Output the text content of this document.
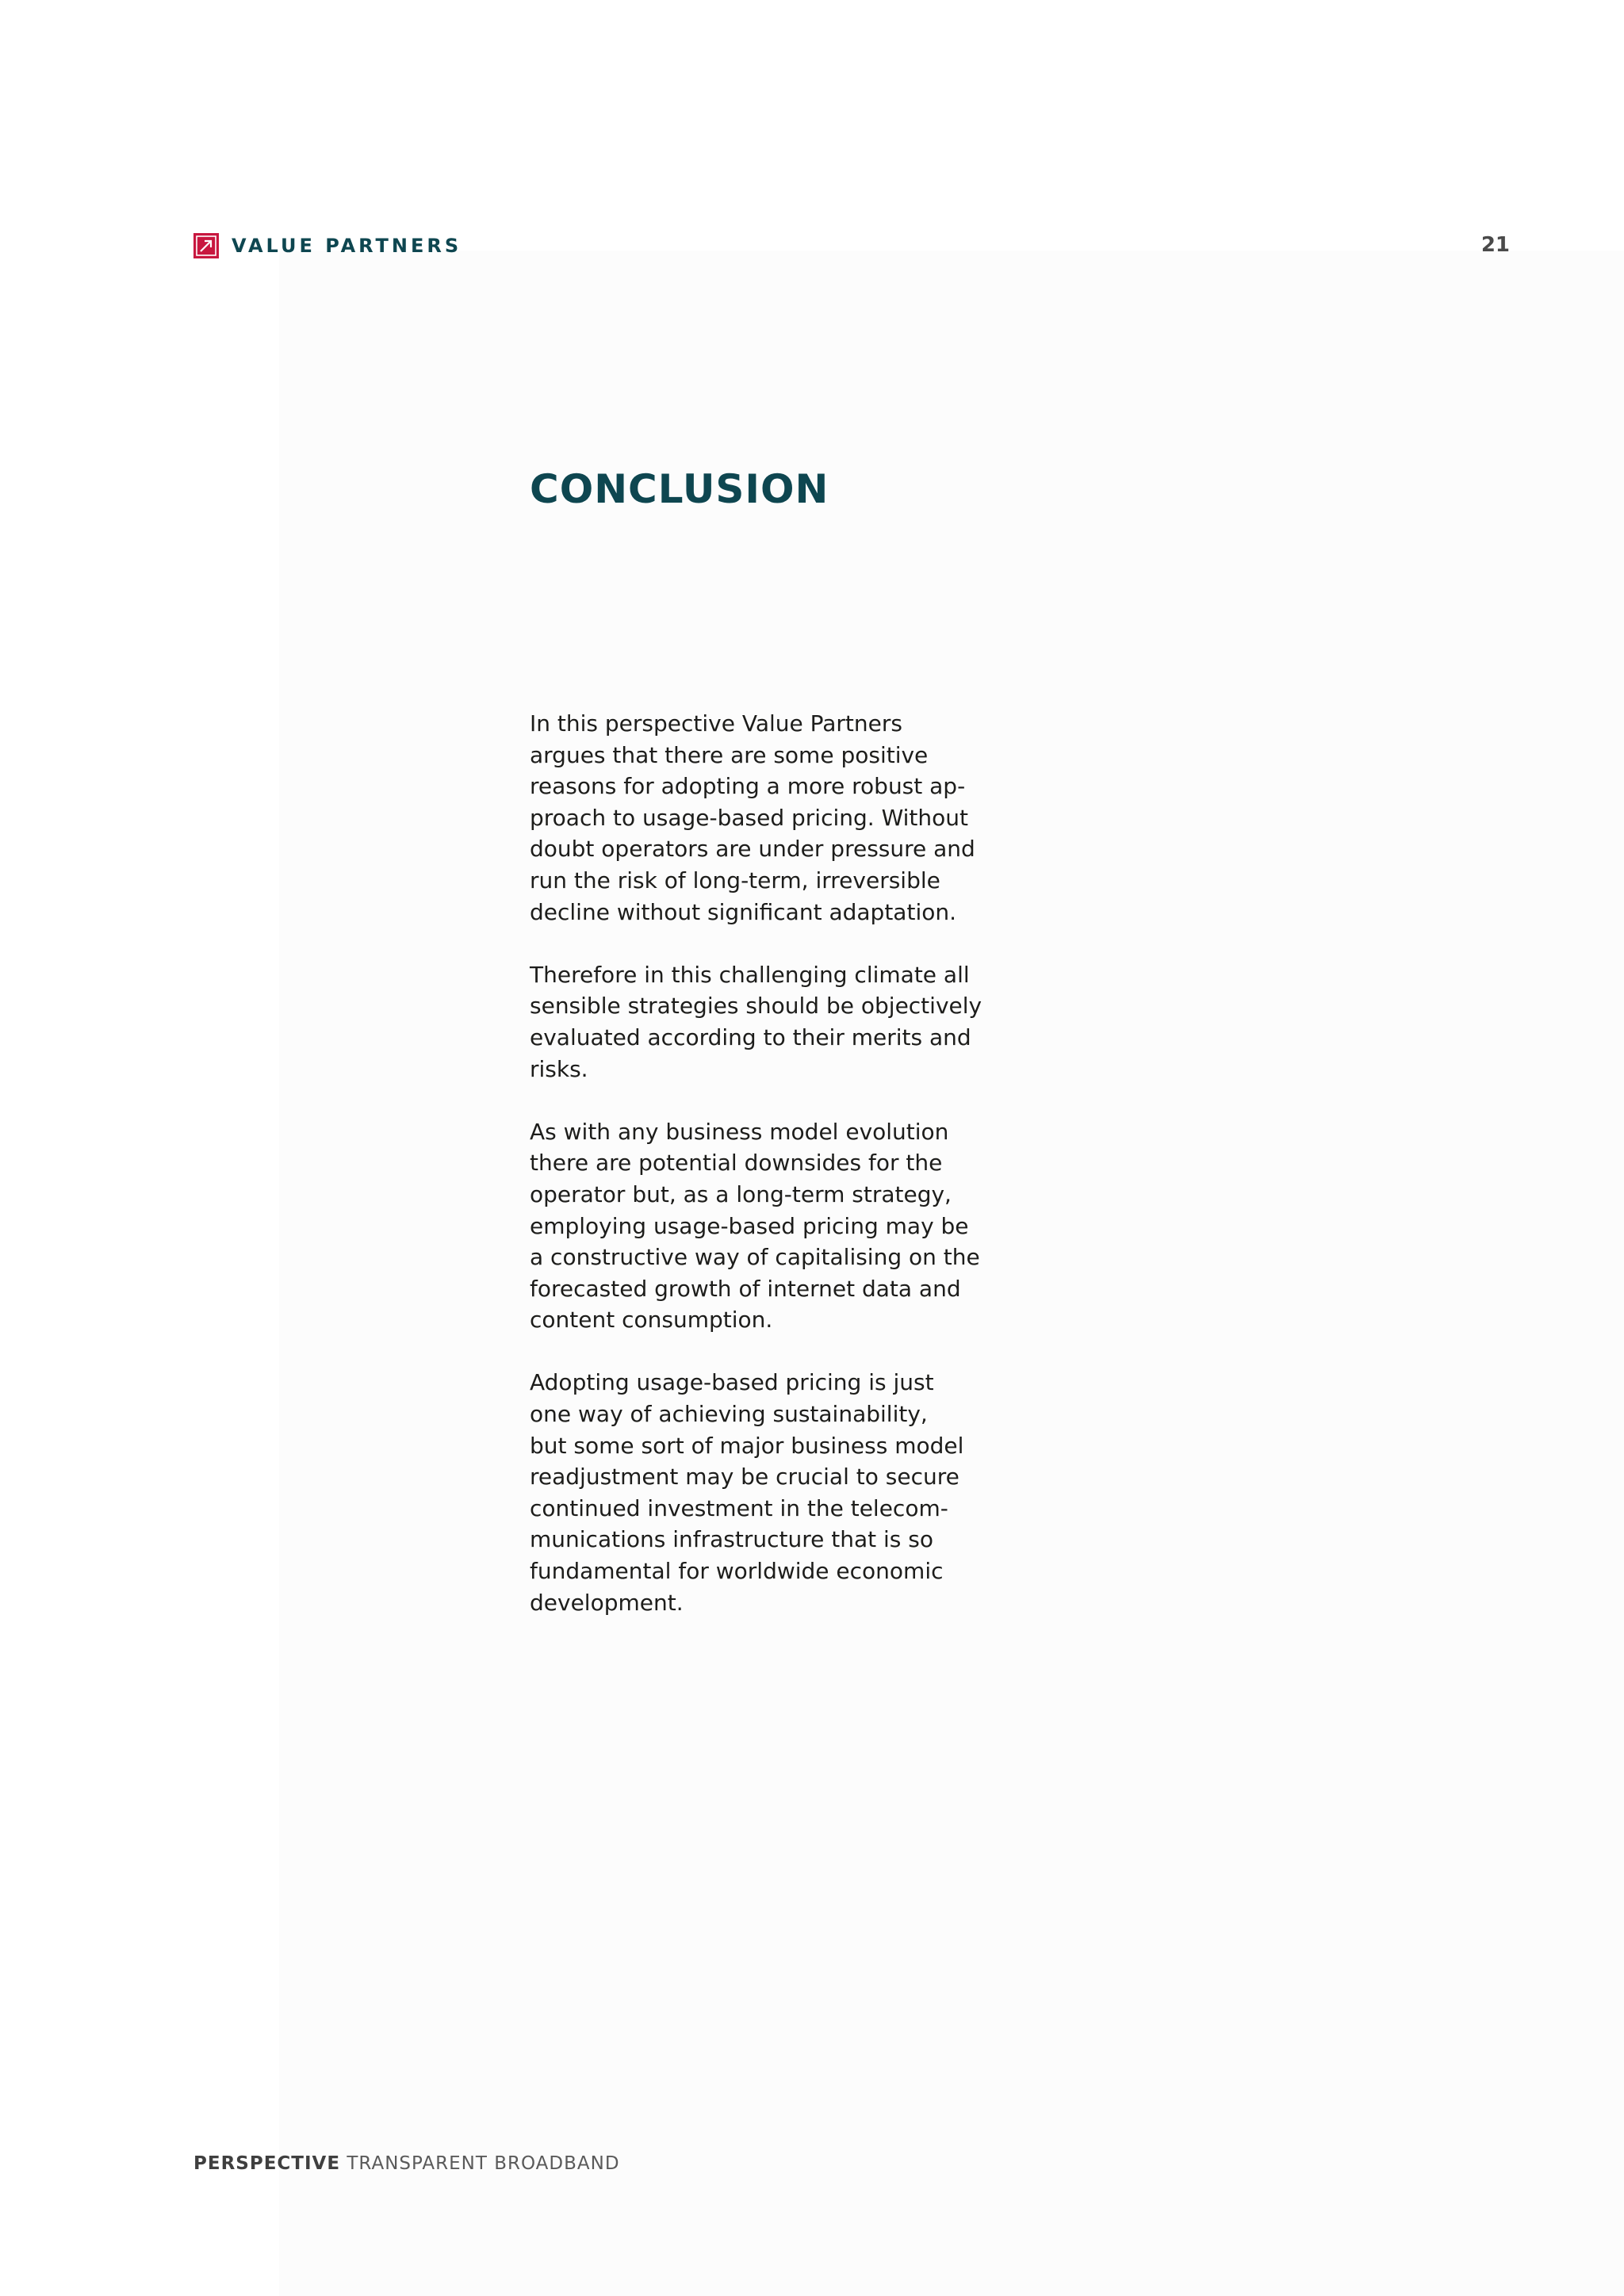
VALUE PARTNERS	21
CONCLUSION

In this perspective Value Partners
argues that there are some positive
reasons for adopting a more robust ap-
proach to usage-based pricing. Without
doubt operators are under pressure and
run the risk of long-term, irreversible
decline without significant adaptation.

Therefore in this challenging climate all
sensible strategies should be objectively
evaluated according to their merits and
risks.

As with any business model evolution
there are potential downsides for the
operator but, as a long-term strategy,
employing usage-based pricing may be
a constructive way of capitalising on the
forecasted growth of internet data and
content consumption.

Adopting usage-based pricing is just
one way of achieving sustainability,
but some sort of major business model
readjustment may be crucial to secure
continued investment in the telecom-
munications infrastructure that is so
fundamental for worldwide economic
development.

PERSPECTIVE TRANSPARENT BROADBAND
